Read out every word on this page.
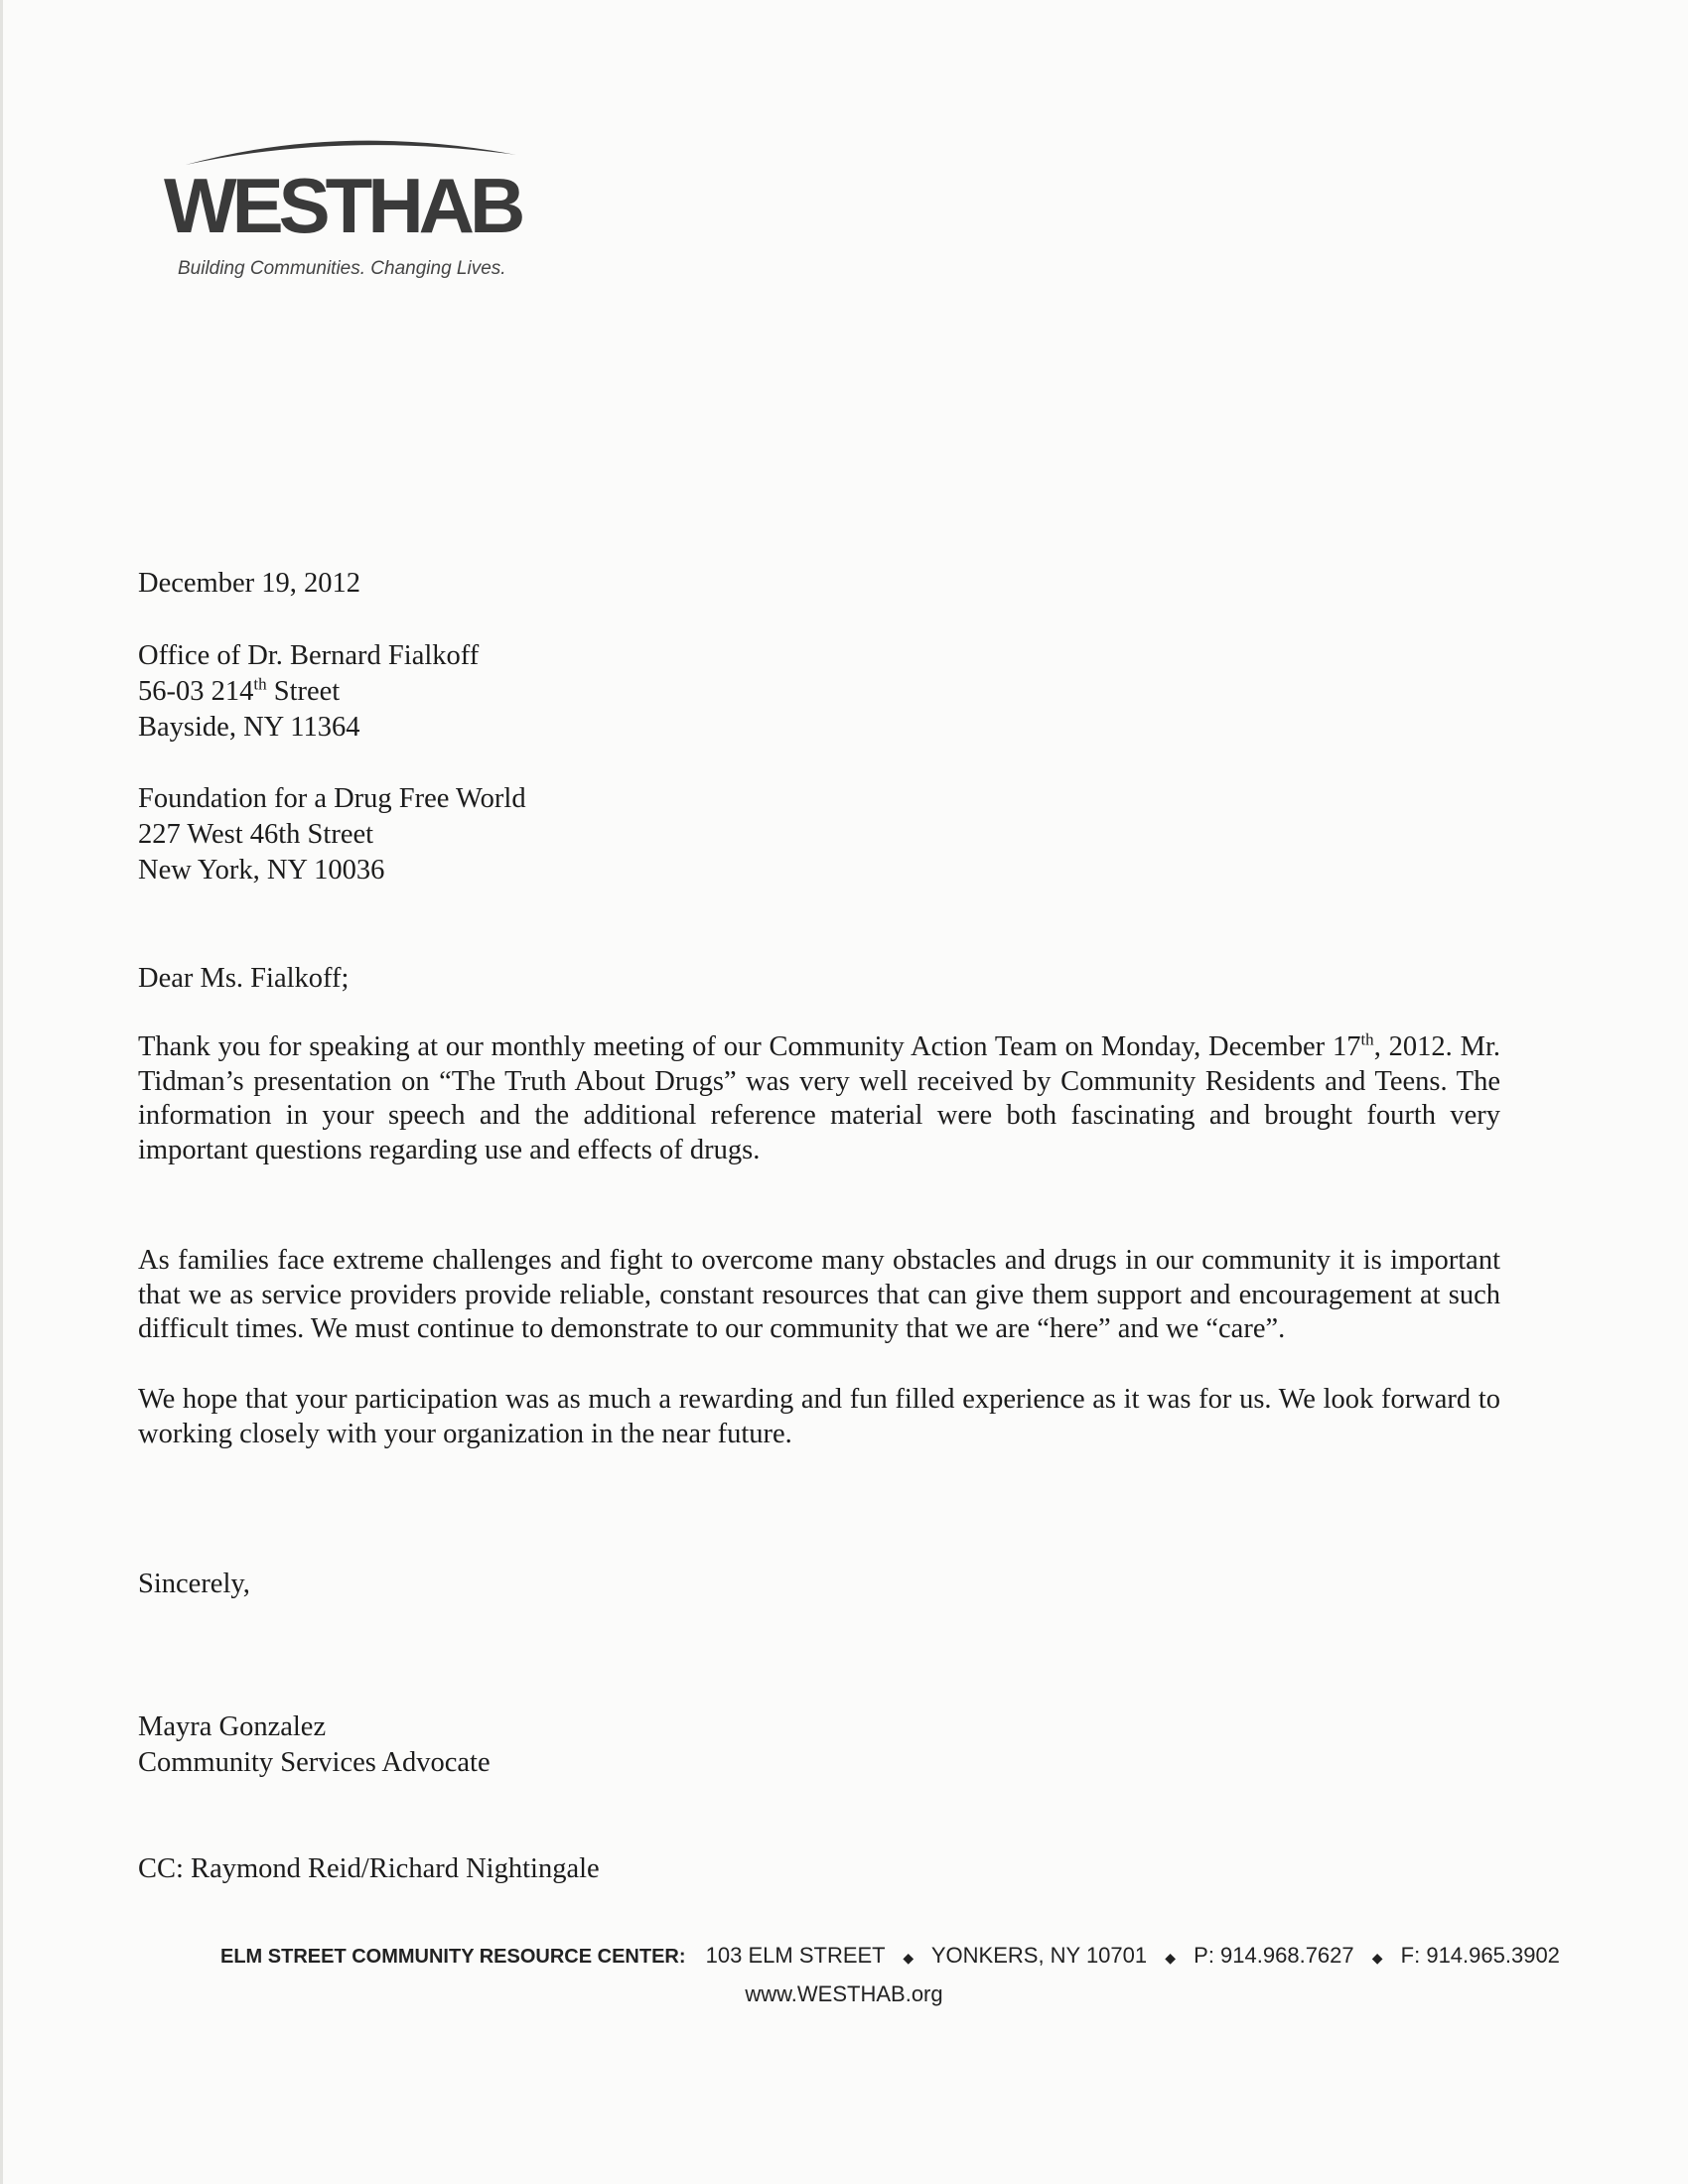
WESTHAB
Building Communities. Changing Lives.
December 19, 2012
Office of Dr. Bernard Fialkoff
56-03 214th Street
Bayside, NY 11364
Foundation for a Drug Free World
227 West 46th Street
New York, NY 10036
Dear Ms. Fialkoff;
Thank you for speaking at our monthly meeting of our Community Action Team on Monday, December 17th, 2012. Mr. Tidman’s presentation on “The Truth About Drugs” was very well received by Community Residents and Teens. The information in your speech and the additional reference material were both fascinating and brought fourth very important questions regarding use and effects of drugs.
As families face extreme challenges and fight to overcome many obstacles and drugs in our community it is important that we as service providers provide reliable, constant resources that can give them support and encouragement at such difficult times. We must continue to demonstrate to our community that we are “here” and we “care”.
We hope that your participation was as much a rewarding and fun filled experience as it was for us. We look forward to working closely with your organization in the near future.
Sincerely,
Mayra Gonzalez
Community Services Advocate
CC: Raymond Reid/Richard Nightingale
ELM STREET COMMUNITY RESOURCE CENTER: 103 ELM STREET ◆ YONKERS, NY 10701 ◆ P: 914.968.7627 ◆ F: 914.965.3902
www.WESTHAB.org
